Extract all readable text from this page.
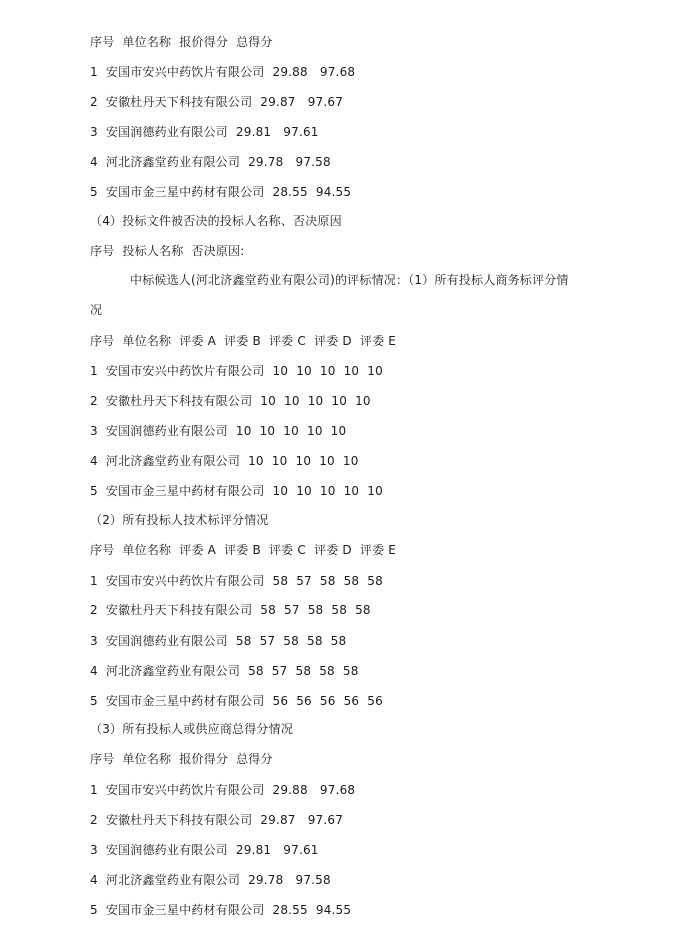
序号  单位名称  报价得分  总得分
1  安国市安兴中药饮片有限公司  29.88   97.68
2  安徽杜丹天下科技有限公司  29.87   97.67
3  安国润德药业有限公司  29.81   97.61
4  河北济鑫堂药业有限公司  29.78   97.58
5  安国市金三星中药材有限公司  28.55  94.55
（4）投标文件被否决的投标人名称、否决原因
序号  投标人名称  否决原因:
中标候选人(河北济鑫堂药业有限公司)的评标情况：（1）所有投标人商务标评分情
况
序号  单位名称  评委 A  评委 B  评委 C  评委 D  评委 E
1  安国市安兴中药饮片有限公司  10  10  10  10  10
2  安徽杜丹天下科技有限公司  10  10  10  10  10
3  安国润德药业有限公司  10  10  10  10  10
4  河北济鑫堂药业有限公司  10  10  10  10  10
5  安国市金三星中药材有限公司  10  10  10  10  10
（2）所有投标人技术标评分情况
序号  单位名称  评委 A  评委 B  评委 C  评委 D  评委 E
1  安国市安兴中药饮片有限公司  58  57  58  58  58
2  安徽杜丹天下科技有限公司  58  57  58  58  58
3  安国润德药业有限公司  58  57  58  58  58
4  河北济鑫堂药业有限公司  58  57  58  58  58
5  安国市金三星中药材有限公司  56  56  56  56  56
（3）所有投标人或供应商总得分情况
序号  单位名称  报价得分  总得分
1  安国市安兴中药饮片有限公司  29.88   97.68
2  安徽杜丹天下科技有限公司  29.87   97.67
3  安国润德药业有限公司  29.81   97.61
4  河北济鑫堂药业有限公司  29.78   97.58
5  安国市金三星中药材有限公司  28.55  94.55
